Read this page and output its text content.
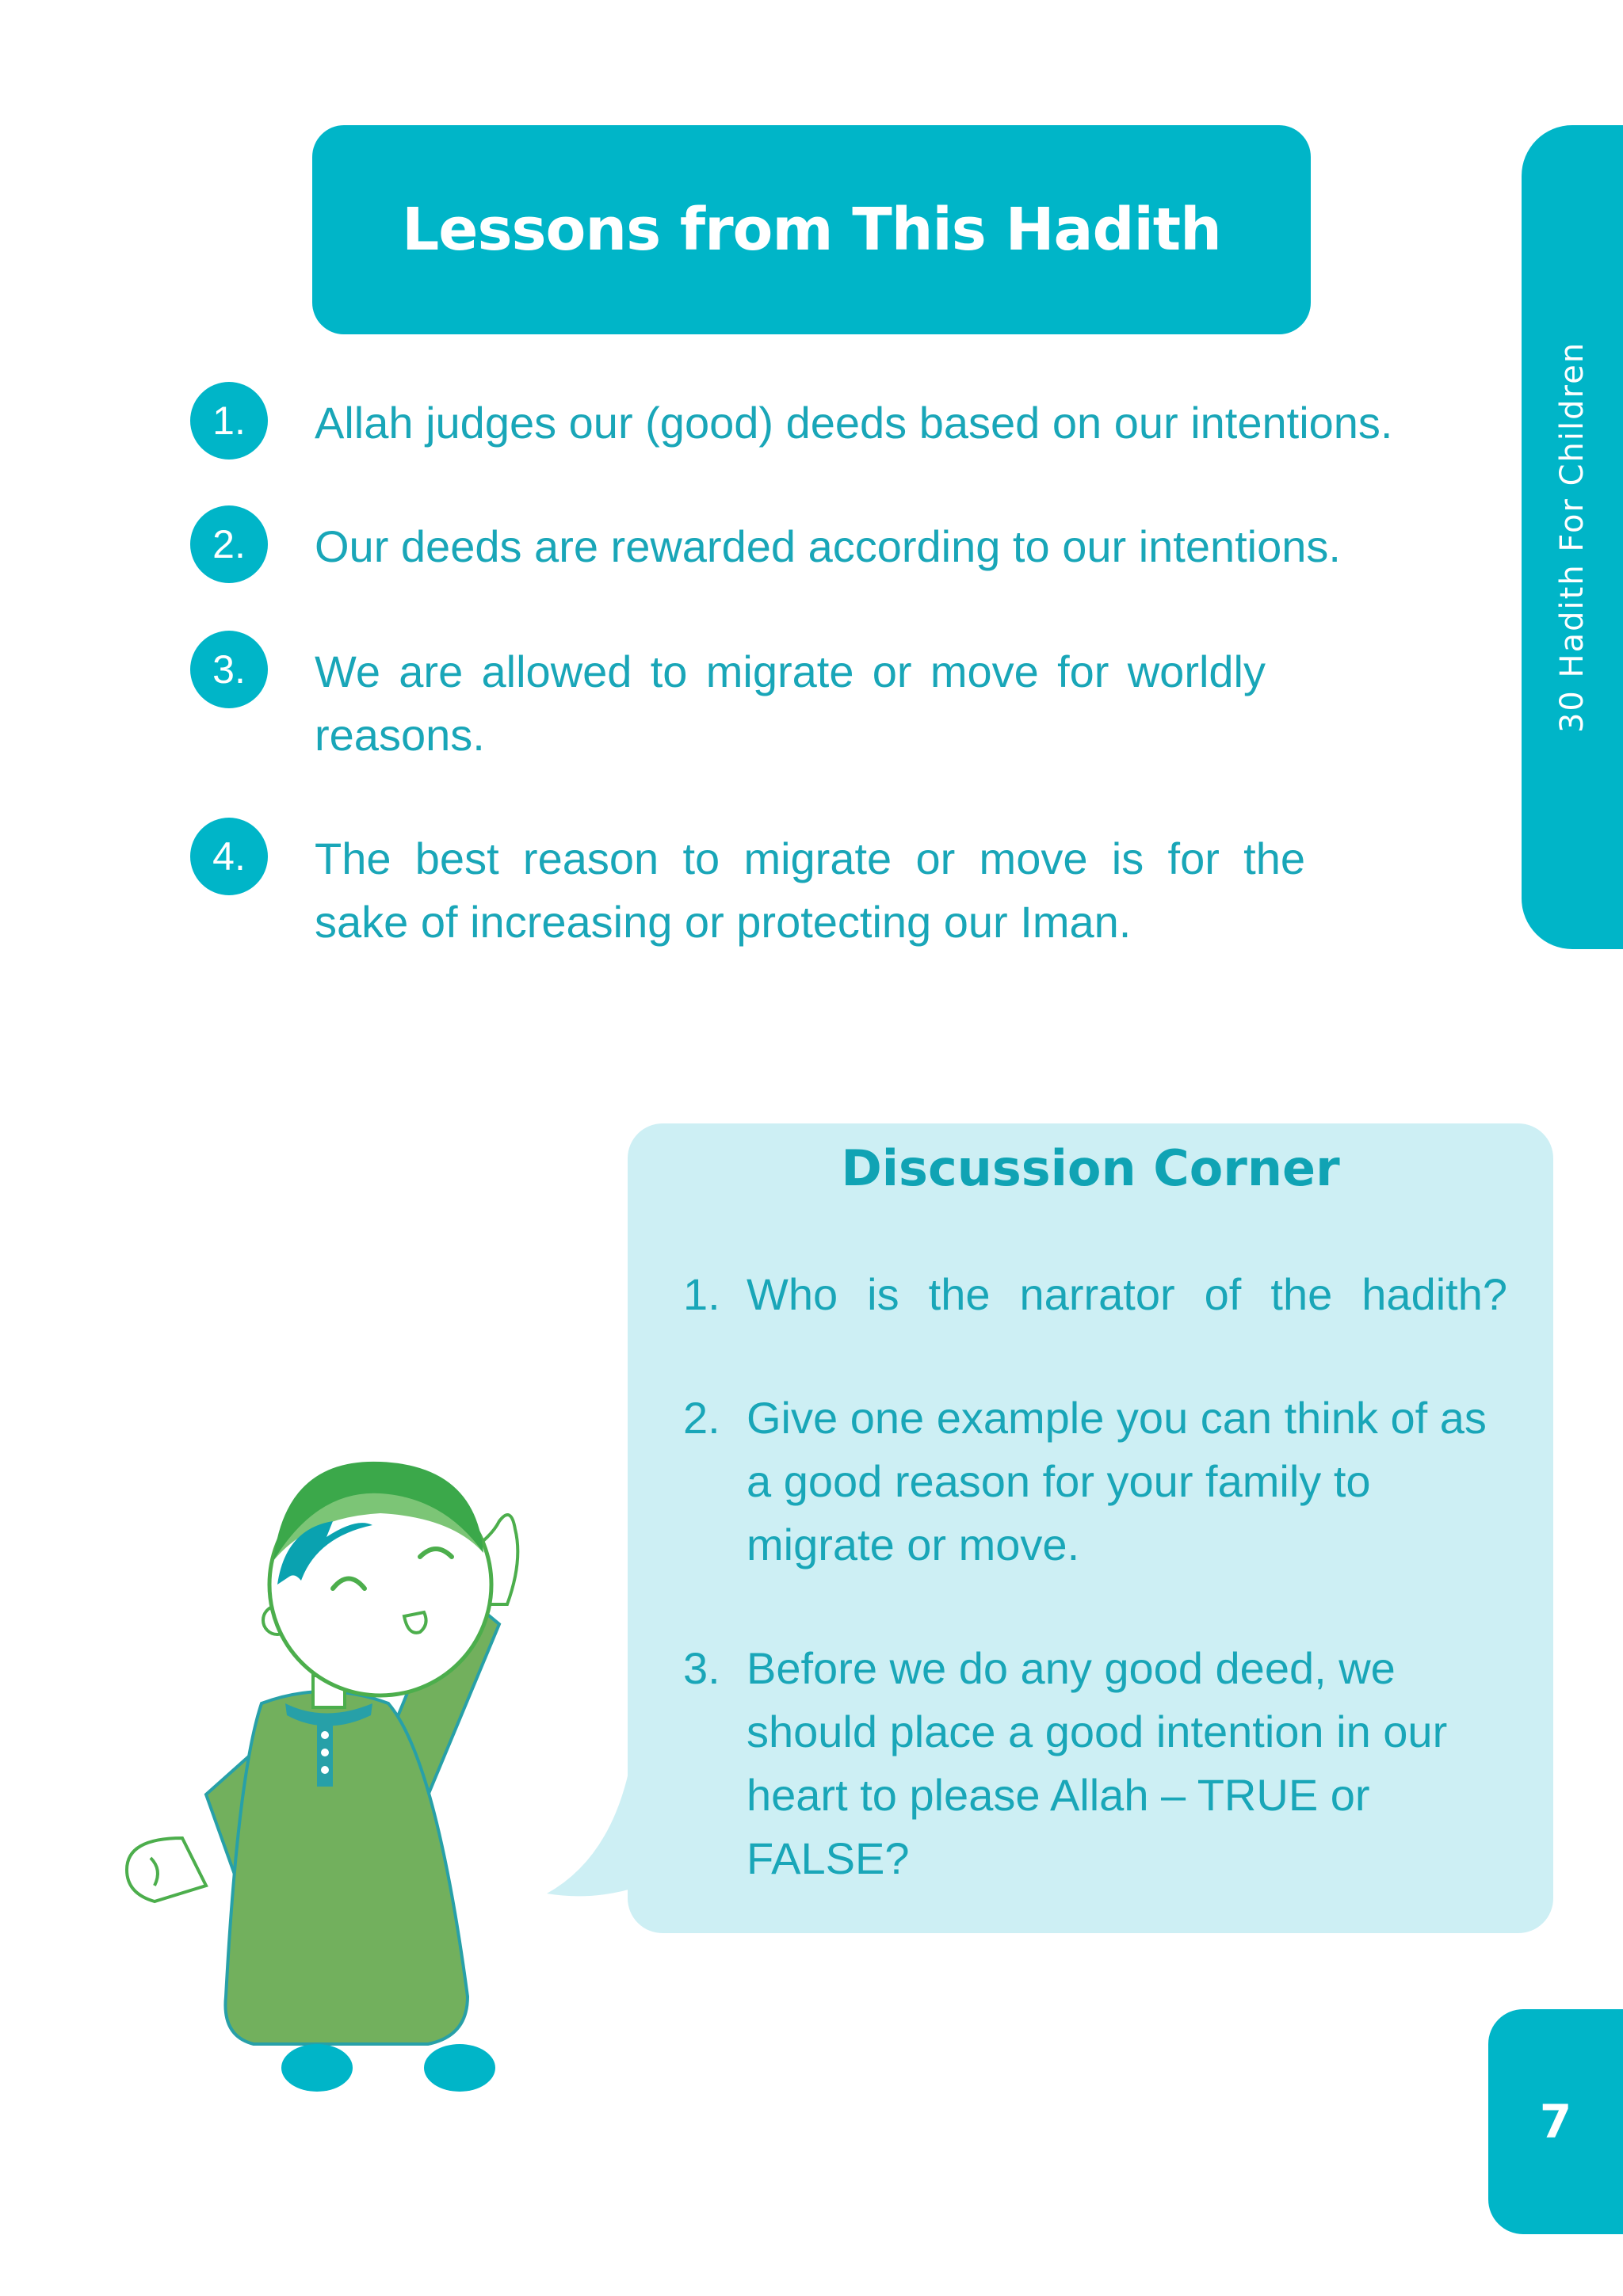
Lessons from This Hadith
30 Hadith For Children
1.	Allah judges our (good) deeds based on our intentions.
2.	Our deeds are rewarded according to our intentions.
3.	We are allowed to migrate or move for worldly reasons.
4.	The best reason to migrate or move is for the sake of increasing or protecting our Iman.
Discussion Corner
1. Who is the narrator of the hadith?
2. Give one example you can think of as a good reason for your family to migrate or move.
3. Before we do any good deed, we should place a good intention in our heart to please Allah – TRUE or FALSE?
7
